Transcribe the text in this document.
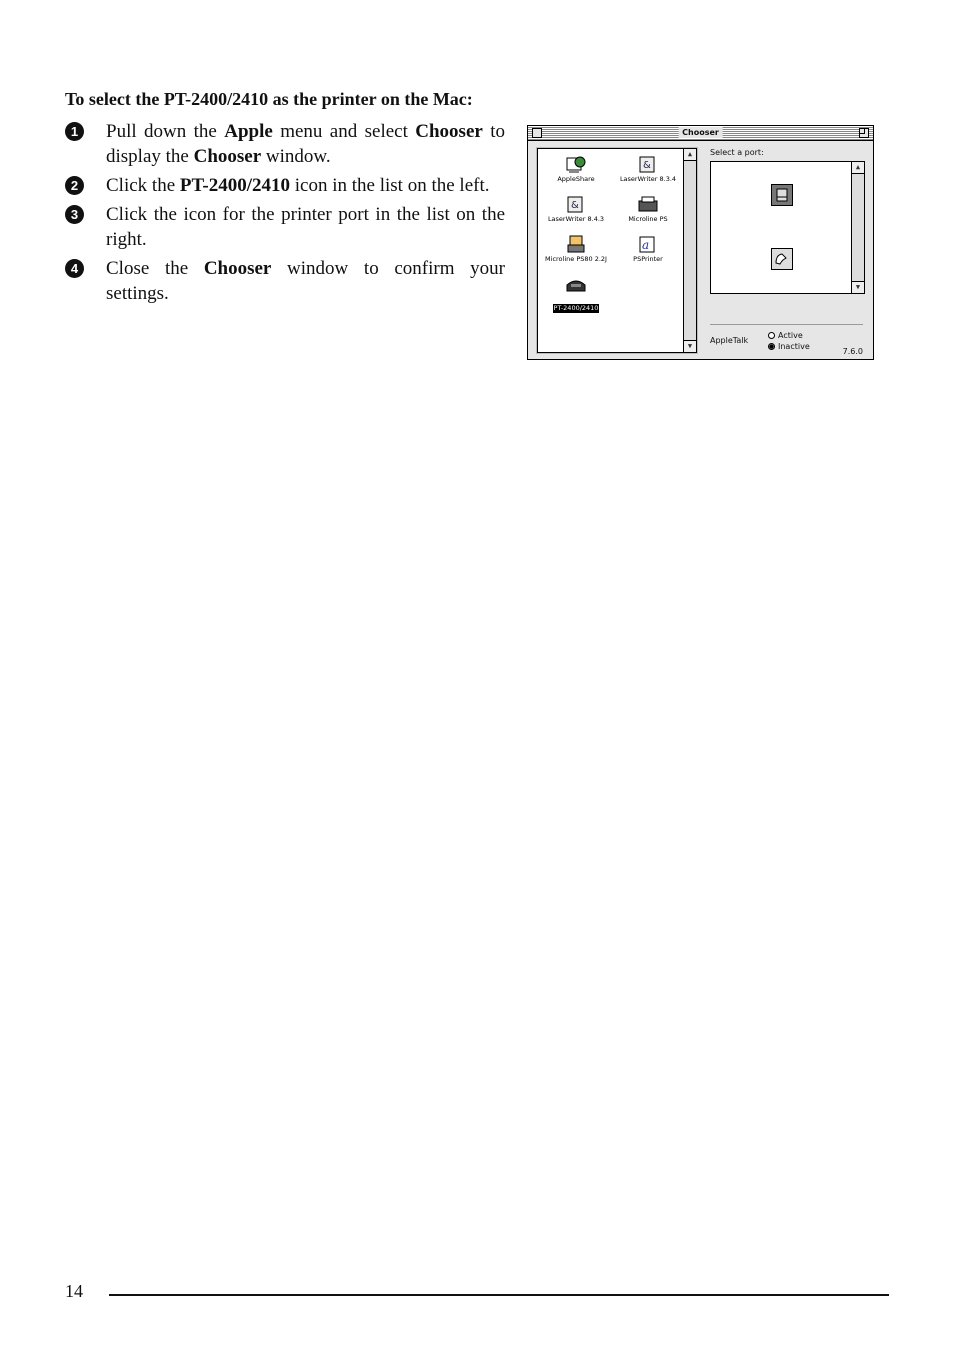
To select the PT-2400/2410 as the printer on the Mac:
1	Pull down the Apple menu and select Chooser to display the Chooser window.
2	Click the PT-2400/2410 icon in the list on the left.
3	Click the icon for the printer port in the list on the right.
4	Close the Chooser window to confirm your settings.
Chooser
AppleShare
&
LaserWriter 8.3.4
&
LaserWriter 8.4.3	Microline PS
Microline PS80 2.2J
a
PSPrinter
PT-2400/2410
▲
▼
Select a port:
▲
▼
AppleTalk
Active
Inactive
7.6.0
14
